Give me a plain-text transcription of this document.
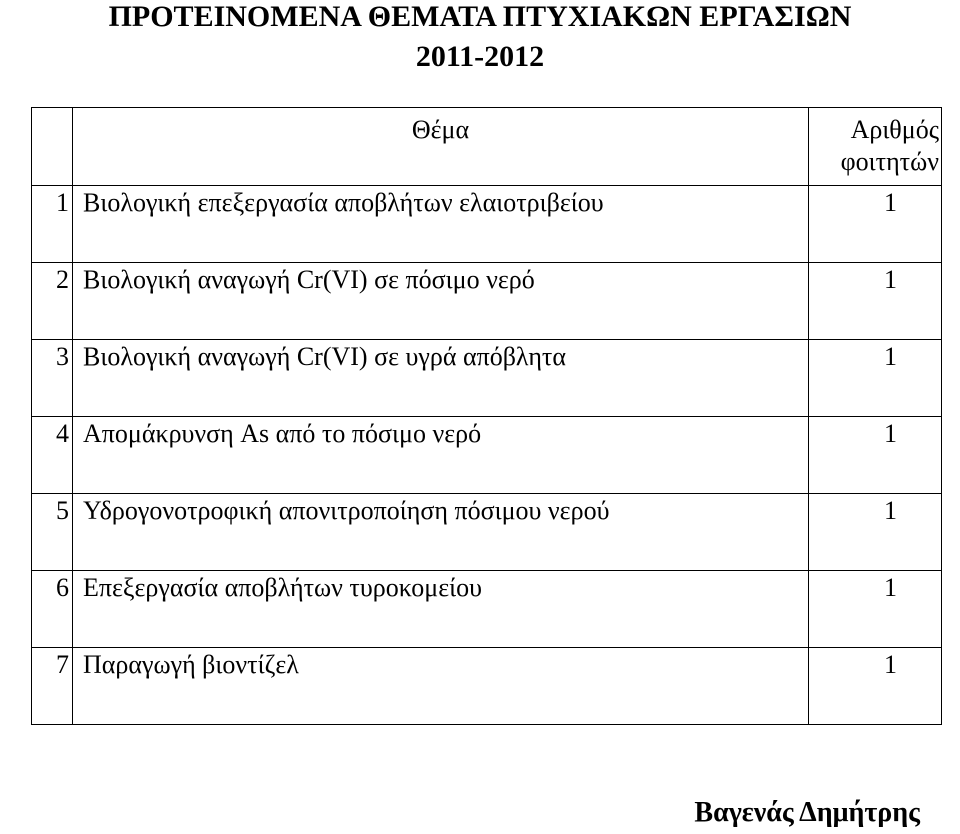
ΠΡΟΤΕΙΝΟΜΕΝΑ ΘΕΜΑΤΑ ΠΤΥΧΙΑΚΩΝ ΕΡΓΑΣΙΩΝ
2011-2012
	Θέμα	Αριθμός φοιτητών
1	Βιολογική επεξεργασία αποβλήτων ελαιοτριβείου	1
2	Βιολογική αναγωγή Cr(VI) σε πόσιμο νερό	1
3	Βιολογική αναγωγή Cr(VI) σε υγρά απόβλητα	1
4	Απομάκρυνση As από το πόσιμο νερό	1
5	Υδρογονοτροφική απονιτροποίηση πόσιμου νερού	1
6	Επεξεργασία αποβλήτων τυροκομείου	1
7	Παραγωγή βιοντίζελ	1
Βαγενάς Δημήτρης
